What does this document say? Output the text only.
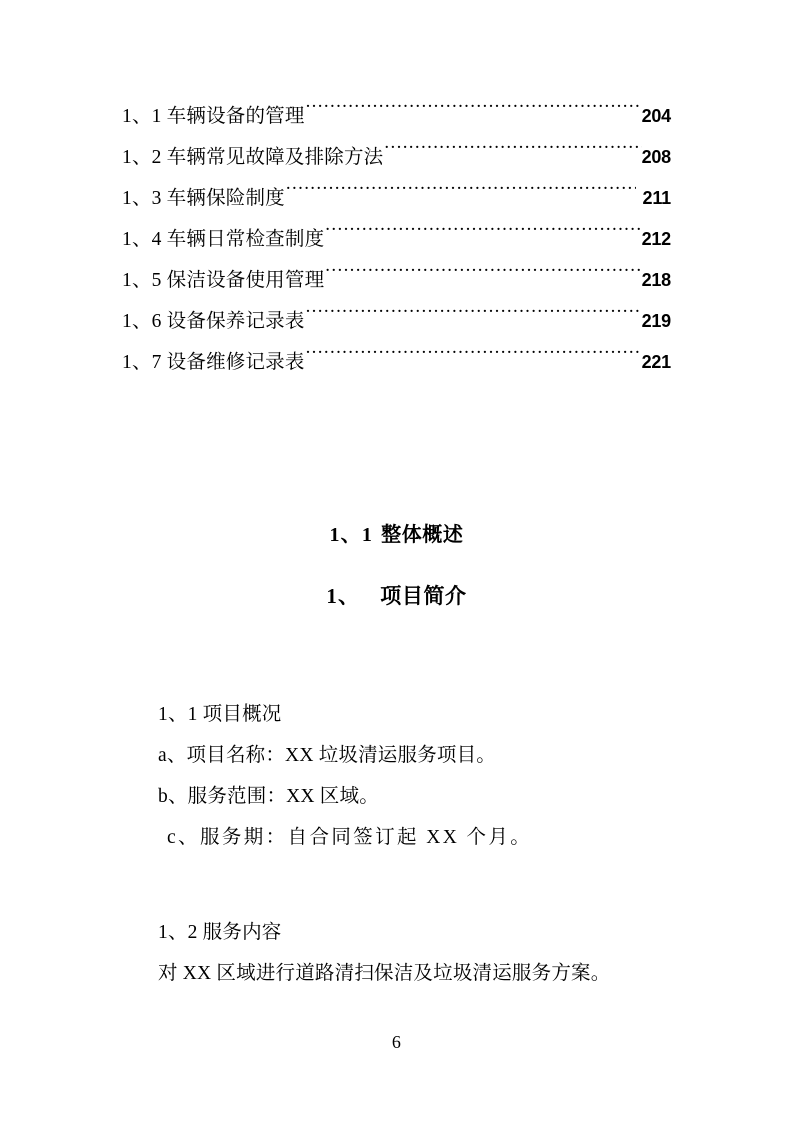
1、1 车辆设备的管理 .....	204
1、2 车辆常见故障及排除方法 .....	208
1、3 车辆保险制度 .....	211
1、4 车辆日常检查制度 .....	212
1、5 保洁设备使用管理 .....	218
1、6 设备保养记录表 .....	219
1、7 设备维修记录表 .....	221
1、1 整体概述
1、 项目简介
1、1 项目概况
a、项目名称：XX 垃圾清运服务项目。
b、服务范围：XX 区域。
c、服务期：自合同签订起 XX 个月。
1、2 服务内容
对 XX 区域进行道路清扫保洁及垃圾清运服务方案。
6
